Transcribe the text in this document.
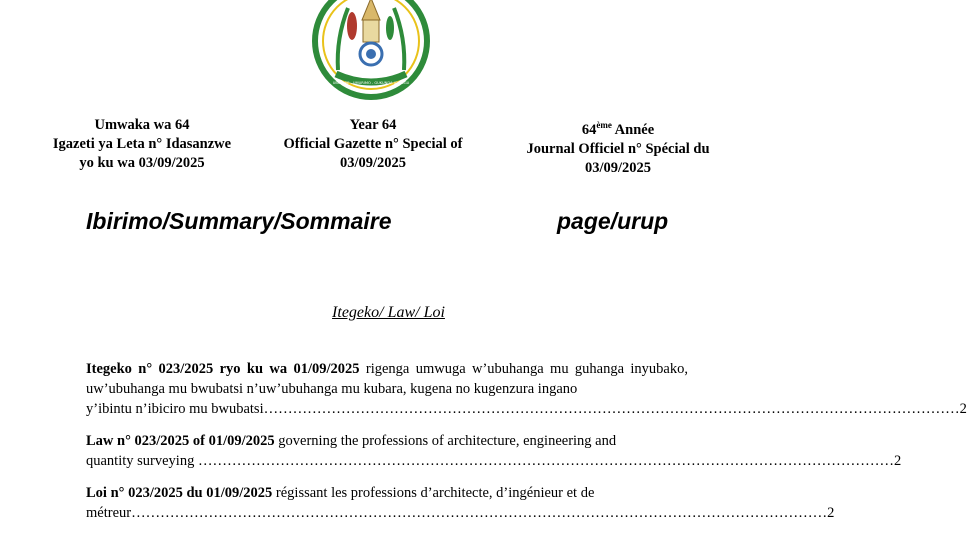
UBUMWE - UMURIMO - GUKUNDA IGIHUGU
Umwaka wa 64
Igazeti ya Leta n° Idasanzwe
yo ku wa 03/09/2025
Year 64
Official Gazette n° Special of
03/09/2025
64ème Année
Journal Officiel n° Spécial du
03/09/2025
Ibirimo/Summary/Sommaire	page/urup
Itegeko/ Law/ Loi
Itegeko n° 023/2025 ryo ku wa 01/09/2025 rigenga umwuga w’ubuhanga mu guhanga inyubako, uw’ubuhanga mu bwubatsi n’uw’ubuhanga mu kubara, kugena no kugenzura ingano
y’ibintu n’ibiciro mu bwubatsi ……………………………………………………………………………………………………………………………… 2
Law n° 023/2025 of 01/09/2025 governing the professions of architecture, engineering and
quantity surveying ……………………………………………………………………………………………………………………………… 2
Loi n° 023/2025 du 01/09/2025 régissant les professions d’architecte, d’ingénieur et de
métreur ……………………………………………………………………………………………………………………………… 2
